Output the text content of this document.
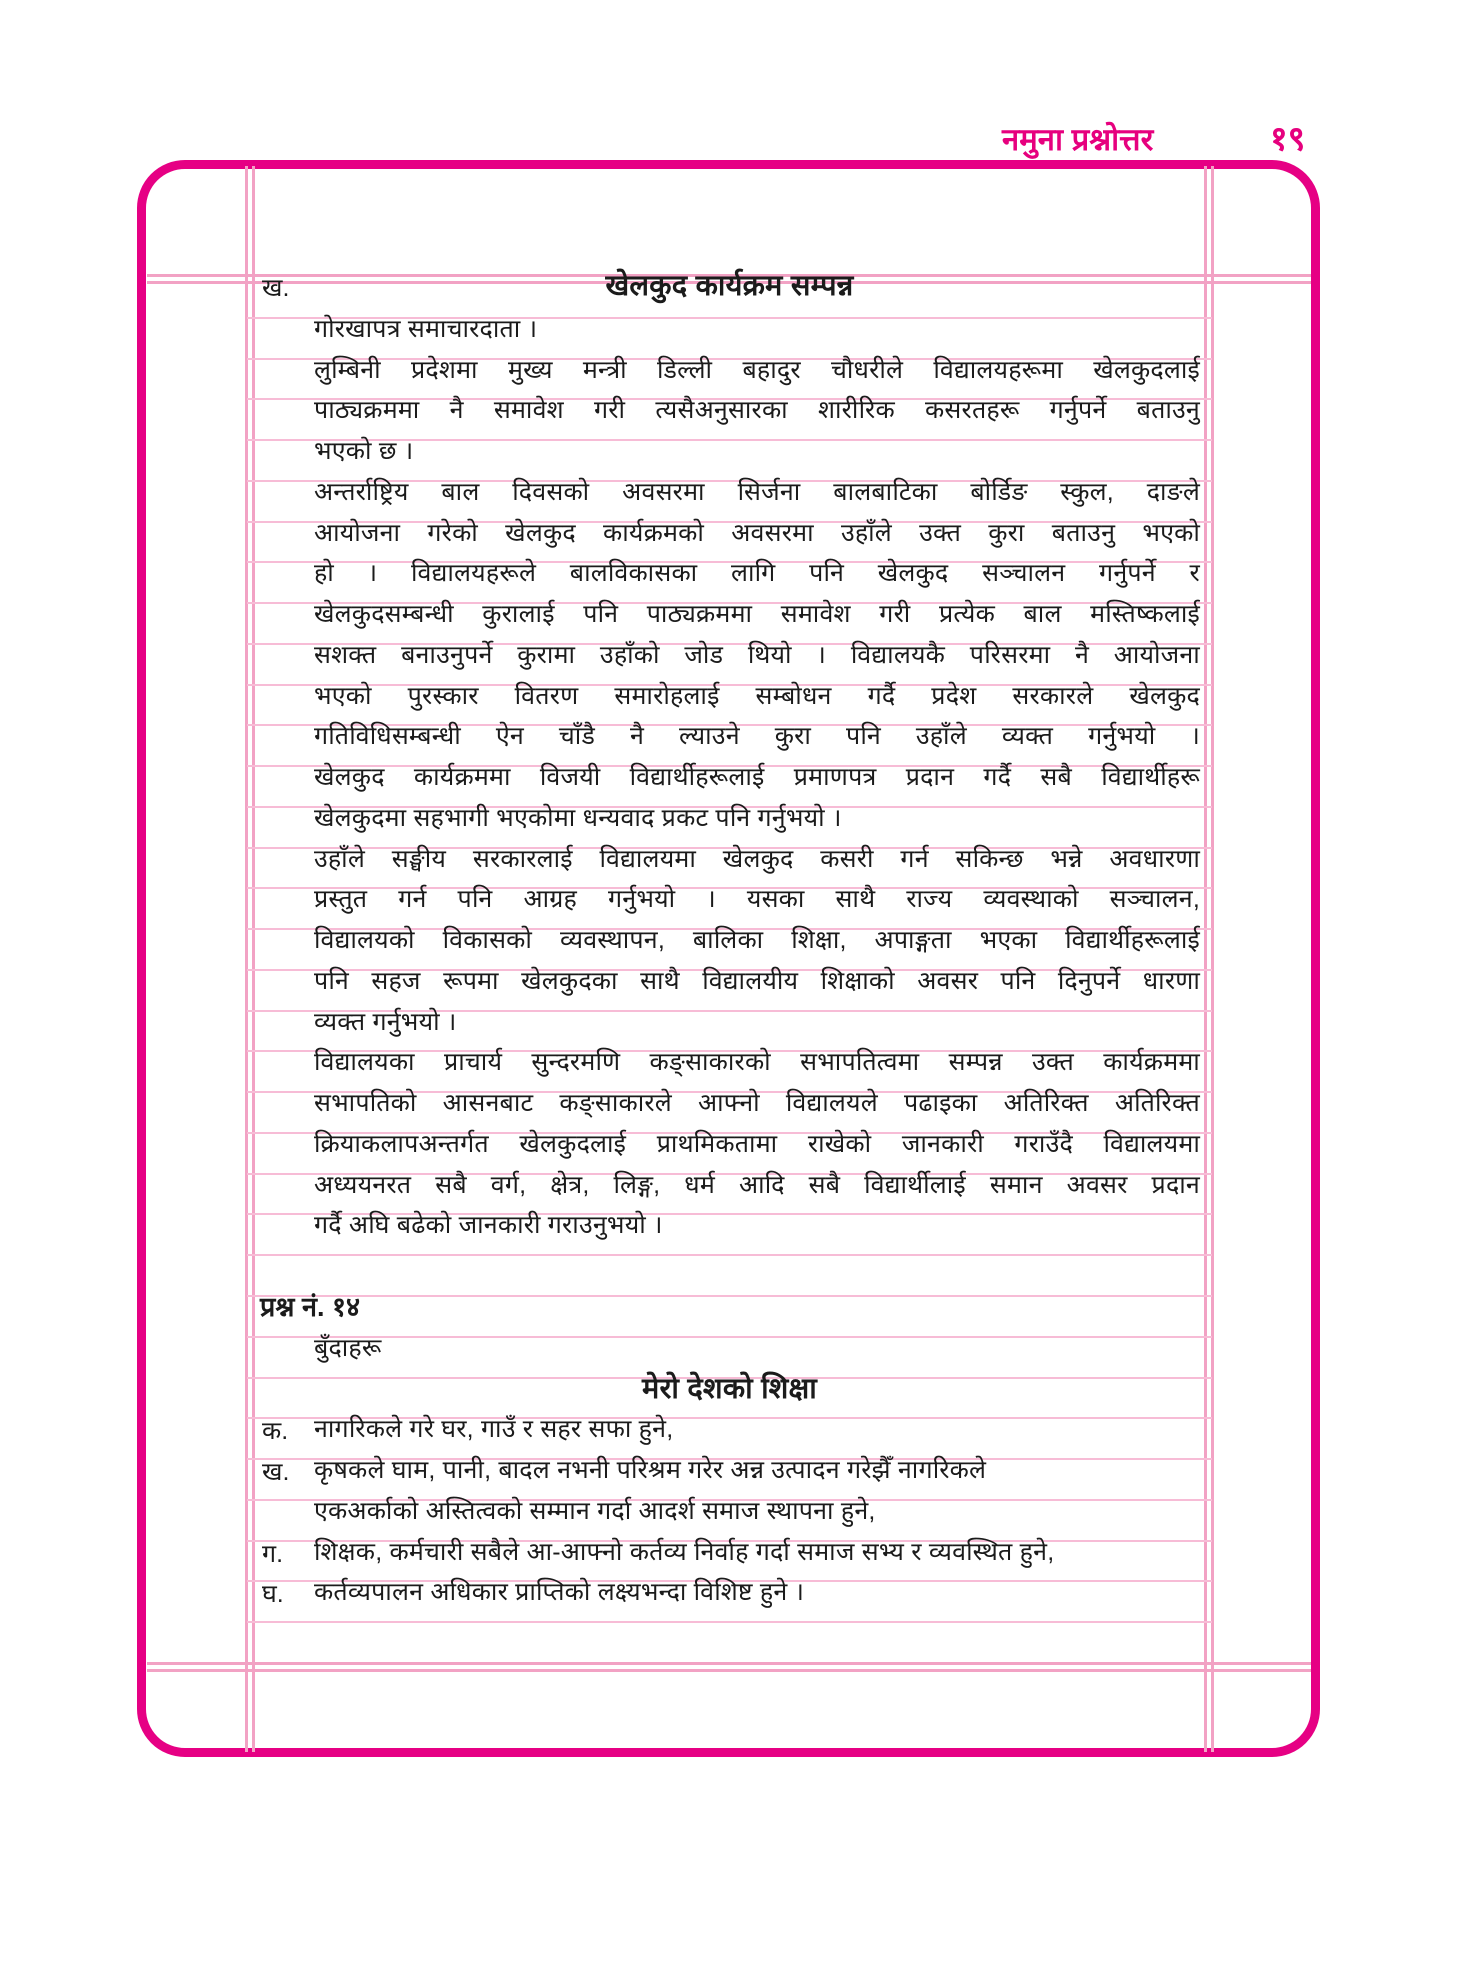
नमुना प्रश्नोत्तर	१९
ख.	खेलकुद कार्यक्रम सम्पन्न
गोरखापत्र समाचारदाता ।
लुम्बिनी प्रदेशमा मुख्य मन्त्री डिल्ली बहादुर चौधरीले विद्यालयहरूमा खेलकुदलाई
पाठ्यक्रममा नै समावेश गरी त्यसैअनुसारका शारीरिक कसरतहरू गर्नुपर्ने बताउनु
भएको छ ।
अन्तर्राष्ट्रिय बाल दिवसको अवसरमा सिर्जना बालबाटिका बोर्डिङ स्कुल, दाङले
आयोजना गरेको खेलकुद कार्यक्रमको अवसरमा उहाँले उक्त कुरा बताउनु भएको
हो । विद्यालयहरूले बालविकासका लागि पनि खेलकुद सञ्चालन गर्नुपर्ने र
खेलकुदसम्बन्धी कुरालाई पनि पाठ्यक्रममा समावेश गरी प्रत्येक बाल मस्तिष्कलाई
सशक्त बनाउनुपर्ने कुरामा उहाँको जोड थियो । विद्यालयकै परिसरमा नै आयोजना
भएको पुरस्कार वितरण समारोहलाई सम्बोधन गर्दै प्रदेश सरकारले खेलकुद
गतिविधिसम्बन्धी ऐन चाँडै नै ल्याउने कुरा पनि उहाँले व्यक्त गर्नुभयो ।
खेलकुद कार्यक्रममा विजयी विद्यार्थीहरूलाई प्रमाणपत्र प्रदान गर्दै सबै विद्यार्थीहरू
खेलकुदमा सहभागी भएकोमा धन्यवाद प्रकट पनि गर्नुभयो ।
उहाँले सङ्घीय सरकारलाई विद्यालयमा खेलकुद कसरी गर्न सकिन्छ भन्ने अवधारणा
प्रस्तुत गर्न पनि आग्रह गर्नुभयो । यसका साथै राज्य व्यवस्थाको सञ्चालन,
विद्यालयको विकासको व्यवस्थापन, बालिका शिक्षा, अपाङ्गता भएका विद्यार्थीहरूलाई
पनि सहज रूपमा खेलकुदका साथै विद्यालयीय शिक्षाको अवसर पनि दिनुपर्ने धारणा
व्यक्त गर्नुभयो ।
विद्यालयका प्राचार्य सुन्दरमणि कङ्साकारको सभापतित्वमा सम्पन्न उक्त कार्यक्रममा
सभापतिको आसनबाट कङ्साकारले आफ्नो विद्यालयले पढाइका अतिरिक्त अतिरिक्त
क्रियाकलापअन्तर्गत खेलकुदलाई प्राथमिकतामा राखेको जानकारी गराउँदै विद्यालयमा
अध्ययनरत सबै वर्ग, क्षेत्र, लिङ्ग, धर्म आदि सबै विद्यार्थीलाई समान अवसर प्रदान
गर्दै अघि बढेको जानकारी गराउनुभयो ।
प्रश्न नं. १४
बुँदाहरू
मेरो देशको शिक्षा
क. नागरिकले गरे घर, गाउँ र सहर सफा हुने,
ख. कृषकले घाम, पानी, बादल नभनी परिश्रम गरेर अन्न उत्पादन गरेझैँ नागरिकले
एकअर्काको अस्तित्वको सम्मान गर्दा आदर्श समाज स्थापना हुने,
ग. शिक्षक, कर्मचारी सबैले आ-आफ्नो कर्तव्य निर्वाह गर्दा समाज सभ्य र व्यवस्थित हुने,
घ. कर्तव्यपालन अधिकार प्राप्तिको लक्ष्यभन्दा विशिष्ट हुने ।
